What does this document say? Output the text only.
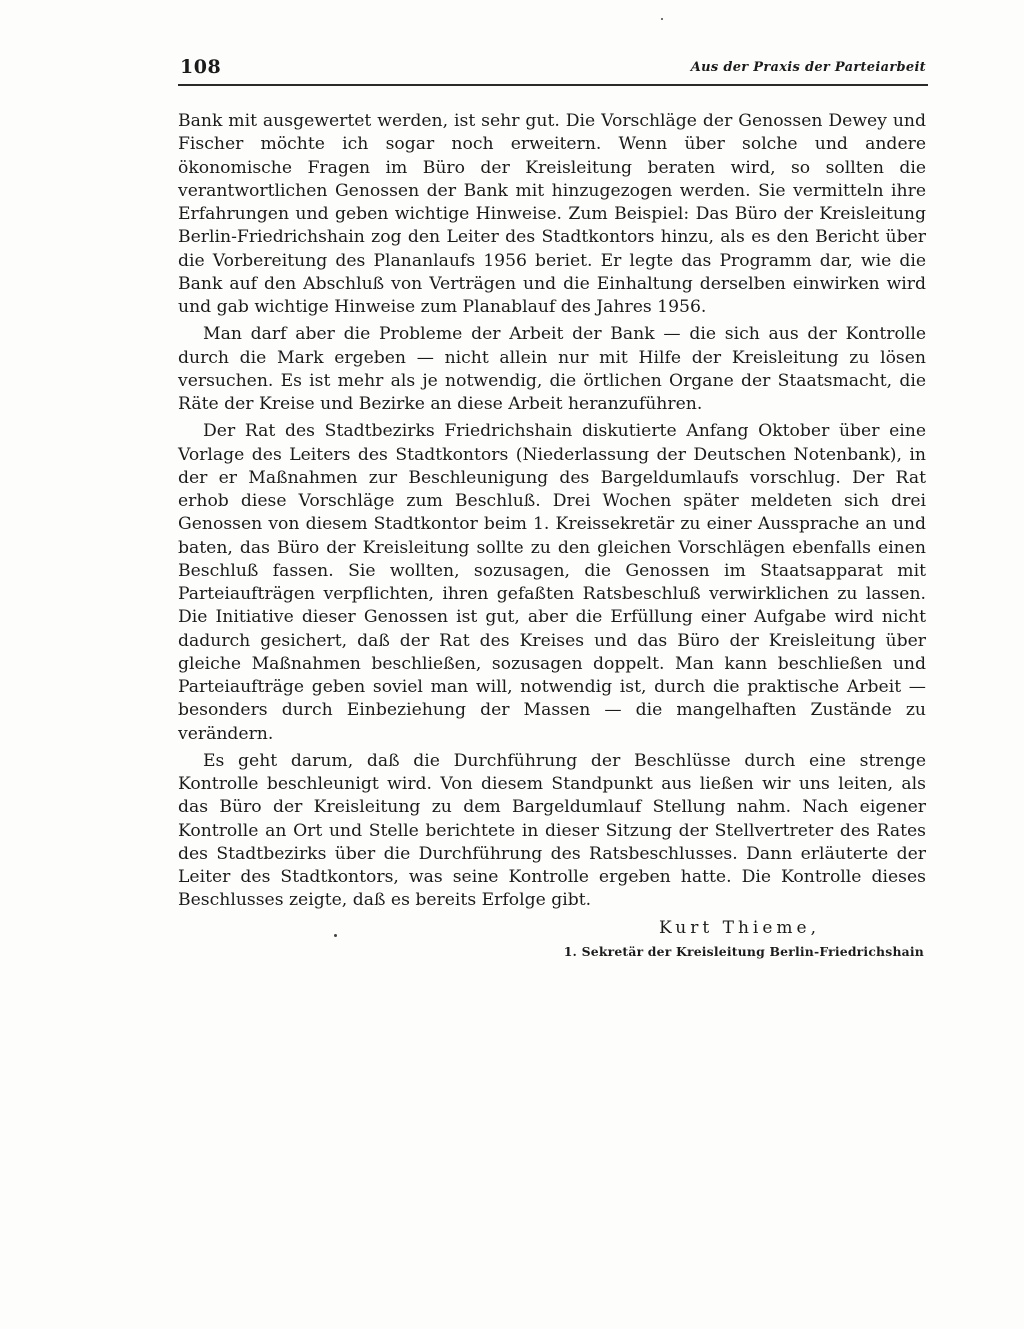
108	Aus der Praxis der Parteiarbeit

Bank mit ausgewertet werden, ist sehr gut. Die Vorschläge der Genossen Dewey und Fischer möchte ich sogar noch erweitern. Wenn über solche und andere ökonomische Fragen im Büro der Kreisleitung beraten wird, so sollten die verantwortlichen Genossen der Bank mit hinzugezogen werden. Sie vermitteln ihre Erfahrungen und geben wichtige Hinweise. Zum Beispiel: Das Büro der Kreisleitung Berlin-Friedrichshain zog den Leiter des Stadtkontors hinzu, als es den Bericht über die Vorbereitung des Plananlaufs 1956 beriet. Er legte das Programm dar, wie die Bank auf den Abschluß von Verträgen und die Einhaltung derselben einwirken wird und gab wichtige Hinweise zum Planablauf des Jahres 1956.

Man darf aber die Probleme der Arbeit der Bank — die sich aus der Kontrolle durch die Mark ergeben — nicht allein nur mit Hilfe der Kreisleitung zu lösen versuchen. Es ist mehr als je notwendig, die örtlichen Organe der Staatsmacht, die Räte der Kreise und Bezirke an diese Arbeit heranzuführen.

Der Rat des Stadtbezirks Friedrichshain diskutierte Anfang Oktober über eine Vorlage des Leiters des Stadtkontors (Niederlassung der Deutschen Notenbank), in der er Maßnahmen zur Beschleunigung des Bargeldumlaufs vorschlug. Der Rat erhob diese Vorschläge zum Beschluß. Drei Wochen später meldeten sich drei Genossen von diesem Stadtkontor beim 1. Kreissekretär zu einer Aussprache an und baten, das Büro der Kreisleitung sollte zu den gleichen Vorschlägen ebenfalls einen Beschluß fassen. Sie wollten, sozusagen, die Genossen im Staatsapparat mit Parteiaufträgen verpflichten, ihren gefaßten Ratsbeschluß verwirklichen zu lassen. Die Initiative dieser Genossen ist gut, aber die Erfüllung einer Aufgabe wird nicht dadurch gesichert, daß der Rat des Kreises und das Büro der Kreisleitung über gleiche Maßnahmen beschließen, sozusagen doppelt. Man kann beschließen und Parteiaufträge geben soviel man will, notwendig ist, durch die praktische Arbeit — besonders durch Einbeziehung der Massen — die mangelhaften Zustände zu verändern.

Es geht darum, daß die Durchführung der Beschlüsse durch eine strenge Kontrolle beschleunigt wird. Von diesem Standpunkt aus ließen wir uns leiten, als das Büro der Kreisleitung zu dem Bargeldumlauf Stellung nahm. Nach eigener Kontrolle an Ort und Stelle berichtete in dieser Sitzung der Stellvertreter des Rates des Stadtbezirks über die Durchführung des Ratsbeschlusses. Dann erläuterte der Leiter des Stadtkontors, was seine Kontrolle ergeben hatte. Die Kontrolle dieses Beschlusses zeigte, daß es bereits Erfolge gibt.

Kurt Thieme,
1. Sekretär der Kreisleitung Berlin-Friedrichshain
